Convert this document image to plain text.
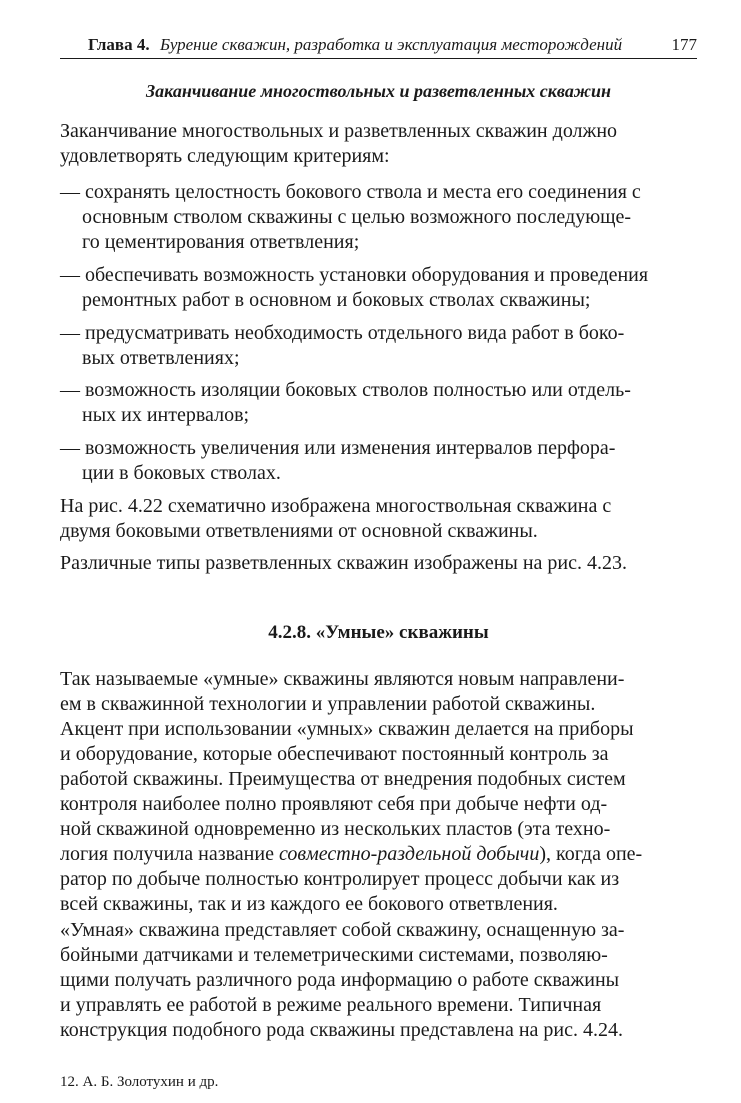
Глава 4. Бурение скважин, разработка и эксплуатация месторождений	177
Заканчивание многоствольных и разветвленных скважин
Заканчивание многоствольных и разветвленных скважин должно
удовлетворять следующим критериям:
— сохранять целостность бокового ствола и места его соединения с
основным стволом скважины с целью возможного последующе-
го цементирования ответвления;
— обеспечивать возможность установки оборудования и проведения
ремонтных работ в основном и боковых стволах скважины;
— предусматривать необходимость отдельного вида работ в боко-
вых ответвлениях;
— возможность изоляции боковых стволов полностью или отдель-
ных их интервалов;
— возможность увеличения или изменения интервалов перфора-
ции в боковых стволах.
На рис. 4.22 схематично изображена многоствольная скважина с
двумя боковыми ответвлениями от основной скважины.
Различные типы разветвленных скважин изображены на рис. 4.23.
4.2.8. «Умные» скважины
Так называемые «умные» скважины являются новым направлени-
ем в скважинной технологии и управлении работой скважины.
Акцент при использовании «умных» скважин делается на приборы
и оборудование, которые обеспечивают постоянный контроль за
работой скважины. Преимущества от внедрения подобных систем
контроля наиболее полно проявляют себя при добыче нефти од-
ной скважиной одновременно из нескольких пластов (эта техно-
логия получила название совместно-раздельной добычи), когда опе-
ратор по добыче полностью контролирует процесс добычи как из
всей скважины, так и из каждого ее бокового ответвления.
«Умная» скважина представляет собой скважину, оснащенную за-
бойными датчиками и телеметрическими системами, позволяю-
щими получать различного рода информацию о работе скважины
и управлять ее работой в режиме реального времени. Типичная
конструкция подобного рода скважины представлена на рис. 4.24.
12. А. Б. Золотухин и др.
